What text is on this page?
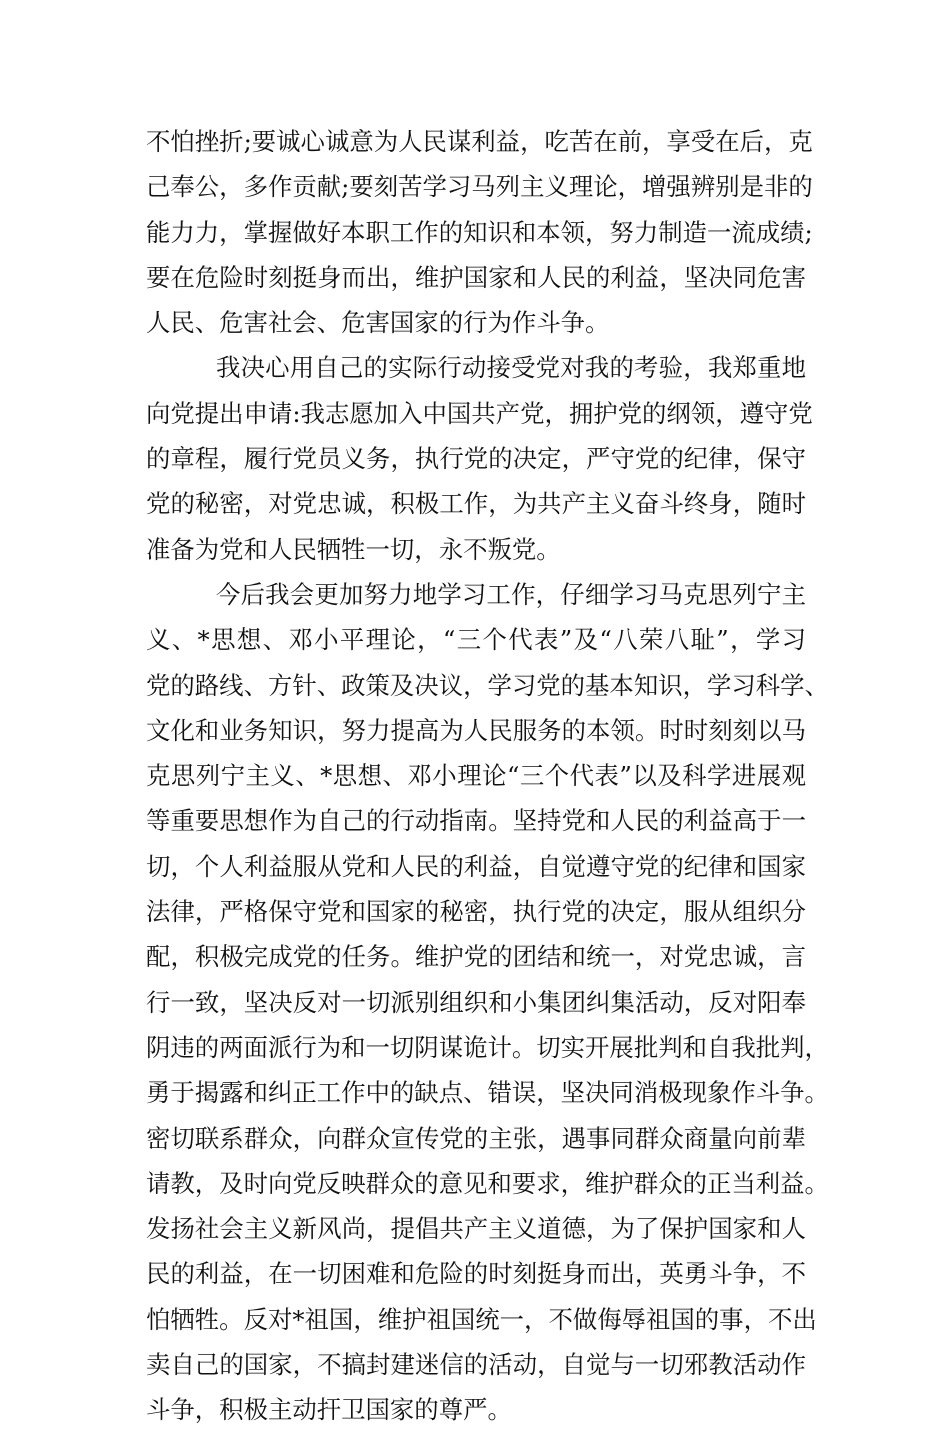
不怕挫折;要诚心诚意为人民谋利益，吃苦在前，享受在后，克
己奉公，多作贡献;要刻苦学习马列主义理论，增强辨别是非的
能力力，掌握做好本职工作的知识和本领，努力制造一流成绩;
要在危险时刻挺身而出，维护国家和人民的利益，坚决同危害
人民、危害社会、危害国家的行为作斗争。
我决心用自己的实际行动接受党对我的考验，我郑重地
向党提出申请:我志愿加入中国共产党，拥护党的纲领，遵守党
的章程，履行党员义务，执行党的决定，严守党的纪律，保守
党的秘密，对党忠诚，积极工作，为共产主义奋斗终身，随时
准备为党和人民牺牲一切，永不叛党。
今后我会更加努力地学习工作，仔细学习马克思列宁主
义、*思想、邓小平理论，“三个代表”及“八荣八耻”，学习
党的路线、方针、政策及决议，学习党的基本知识，学习科学、
文化和业务知识，努力提高为人民服务的本领。时时刻刻以马
克思列宁主义、*思想、邓小理论“三个代表”以及科学进展观
等重要思想作为自己的行动指南。坚持党和人民的利益高于一
切，个人利益服从党和人民的利益，自觉遵守党的纪律和国家
法律，严格保守党和国家的秘密，执行党的决定，服从组织分
配，积极完成党的任务。维护党的团结和统一，对党忠诚，言
行一致，坚决反对一切派别组织和小集团纠集活动，反对阳奉
阴违的两面派行为和一切阴谋诡计。切实开展批判和自我批判，
勇于揭露和纠正工作中的缺点、错误，坚决同消极现象作斗争。
密切联系群众，向群众宣传党的主张，遇事同群众商量向前辈
请教，及时向党反映群众的意见和要求，维护群众的正当利益。
发扬社会主义新风尚，提倡共产主义道德，为了保护国家和人
民的利益，在一切困难和危险的时刻挺身而出，英勇斗争，不
怕牺牲。反对*祖国，维护祖国统一，不做侮辱祖国的事，不出
卖自己的国家，不搞封建迷信的活动，自觉与一切邪教活动作
斗争，积极主动扞卫国家的尊严。
